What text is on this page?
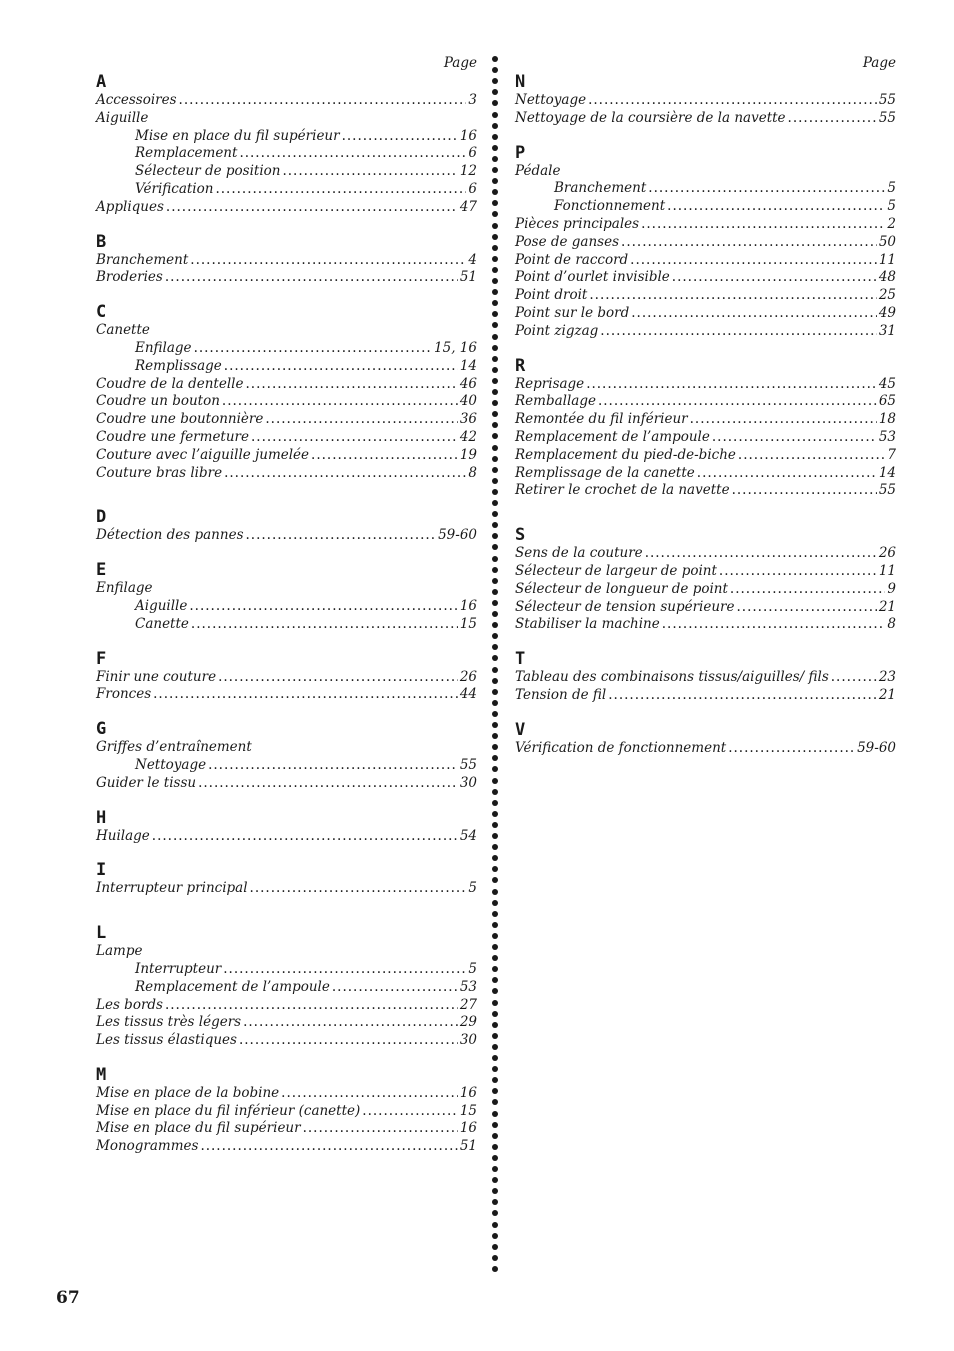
Page
A
Accessoires .....	3
Aiguille
Mise en place du fil supérieur .....	16
Remplacement .....	6
Sélecteur de position .....	12
Vérification .....	6
Appliques .....	47
B
Branchement .....	4
Broderies .....	51
C
Canette
Enfilage .....	15, 16
Remplissage .....	14
Coudre de la dentelle .....	46
Coudre un bouton .....	40
Coudre une boutonnière .....	36
Coudre une fermeture .....	42
Couture avec l’aiguille jumelée .....	19
Couture bras libre .....	8
D
Détection des pannes .....	59-60
E
Enfilage
Aiguille .....	16
Canette .....	15
F
Finir une couture .....	26
Fronces .....	44
G
Griffes d’entraînement
Nettoyage .....	55
Guider le tissu .....	30
H
Huilage .....	54
I
Interrupteur principal .....	5
L
Lampe
Interrupteur .....	5
Remplacement de l’ampoule .....	53
Les bords .....	27
Les tissus très légers .....	29
Les tissus élastiques .....	30
M
Mise en place de la bobine .....	16
Mise en place du fil inférieur (canette) .....	15
Mise en place du fil supérieur .....	16
Monogrammes .....	51
Page
N
Nettoyage .....	55
Nettoyage de la coursière de la navette .....	55
P
Pédale
Branchement .....	5
Fonctionnement .....	5
Pièces principales .....	2
Pose de ganses .....	50
Point de raccord .....	11
Point d’ourlet invisible .....	48
Point droit .....	25
Point sur le bord .....	49
Point zigzag .....	31
R
Reprisage .....	45
Remballage .....	65
Remontée du fil inférieur .....	18
Remplacement de l’ampoule .....	53
Remplacement du pied-de-biche .....	7
Remplissage de la canette .....	14
Retirer le crochet de la navette .....	55
S
Sens de la couture .....	26
Sélecteur de largeur de point .....	11
Sélecteur de longueur de point .....	9
Sélecteur de tension supérieure .....	21
Stabiliser la machine .....	8
T
Tableau des combinaisons tissus/aiguilles/ fils .....	23
Tension de fil .....	21
V
Vérification de fonctionnement .....	59-60
67
